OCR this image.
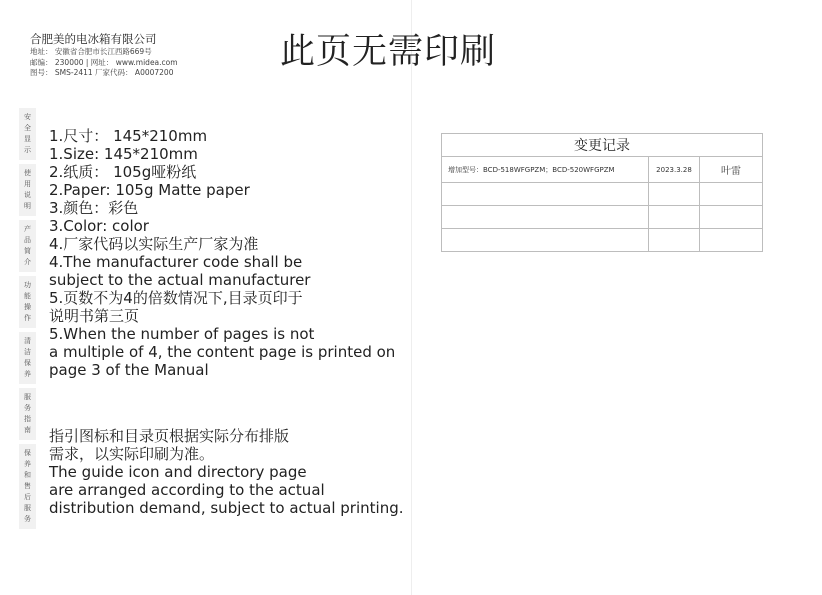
合肥美的电冰箱有限公司
地址： 安徽省合肥市长江西路669号
邮编： 230000 | 网址： www.midea.com
图号： SMS-2411 厂家代码： A0007200
此页无需印刷
安
全
显
示
使
用
说
明
产
品
简
介
功
能
操
作
清
洁
保
养
服
务
指
南
保
养
和
售
后
服
务
1.尺寸： 145*210mm
1.Size: 145*210mm
2.纸质： 105g哑粉纸
2.Paper: 105g Matte paper
3.颜色：彩色
3.Color: color
4.厂家代码以实际生产厂家为准
4.The manufacturer code shall be
subject to the actual manufacturer
5.页数不为4的倍数情况下,目录页印于
说明书第三页
5.When the number of pages is not
a multiple of 4, the content page is printed on
page 3 of the Manual
指引图标和目录页根据实际分布排版
需求，以实际印刷为准。
The guide icon and directory page
are arranged according to the actual
distribution demand, subject to actual printing.
变更记录		
增加型号：BCD-518WFGPZM；BCD-520WFGPZM	2023.3.28	叶雷
